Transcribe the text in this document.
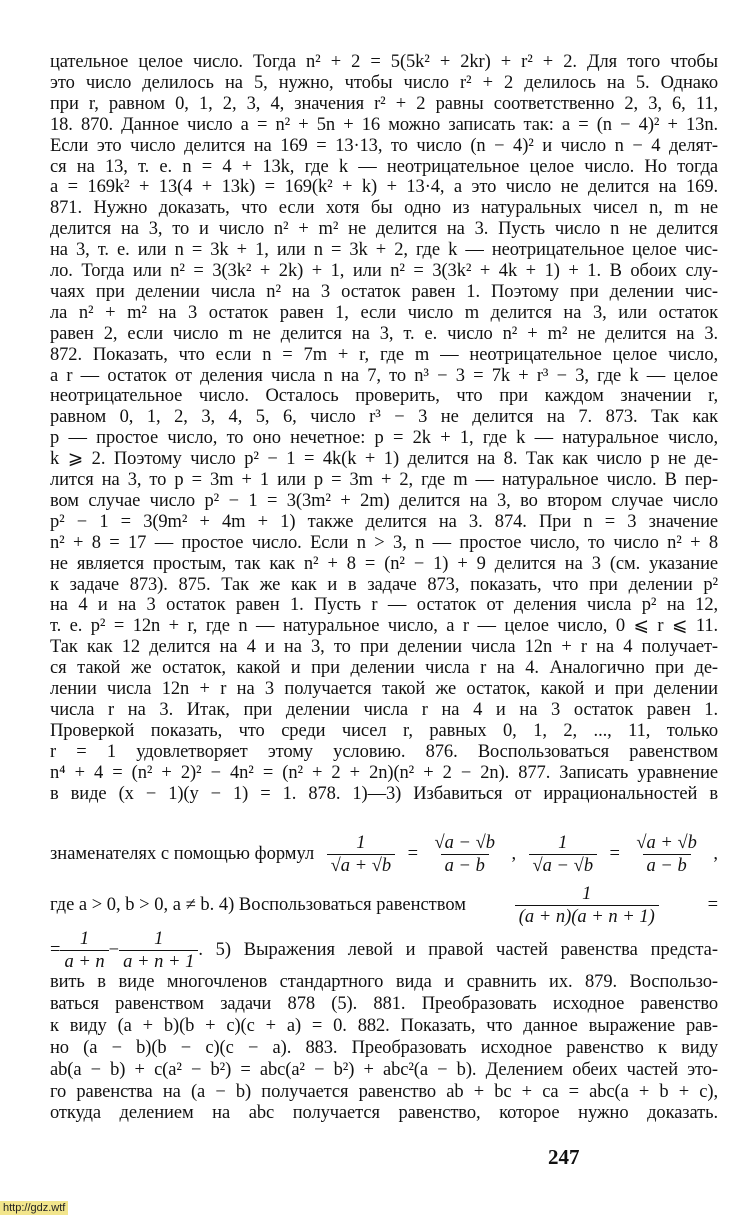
цательное целое число. Тогда n² + 2 = 5(5k² + 2kr) + r² + 2. Для того чтобы
это число делилось на 5, нужно, чтобы число r² + 2 делилось на 5. Однако
при r, равном 0, 1, 2, 3, 4, значения r² + 2 равны соответственно 2, 3, 6, 11,
18. 870. Данное число a = n² + 5n + 16 можно записать так: a = (n − 4)² + 13n.
Если это число делится на 169 = 13·13, то число (n − 4)² и число n − 4 делят-
ся на 13, т. е. n = 4 + 13k, где k — неотрицательное целое число. Но тогда
a = 169k² + 13(4 + 13k) = 169(k² + k) + 13·4, а это число не делится на 169.
871. Нужно доказать, что если хотя бы одно из натуральных чисел n, m не
делится на 3, то и число n² + m² не делится на 3. Пусть число n не делится
на 3, т. е. или n = 3k + 1, или n = 3k + 2, где k — неотрицательное целое чис-
ло. Тогда или n² = 3(3k² + 2k) + 1, или n² = 3(3k² + 4k + 1) + 1. В обоих слу-
чаях при делении числа n² на 3 остаток равен 1. Поэтому при делении чис-
ла n² + m² на 3 остаток равен 1, если число m делится на 3, или остаток
равен 2, если число m не делится на 3, т. е. число n² + m² не делится на 3.
872. Показать, что если n = 7m + r, где m — неотрицательное целое число,
а r — остаток от деления числа n на 7, то n³ − 3 = 7k + r³ − 3, где k — целое
неотрицательное число. Осталось проверить, что при каждом значении r,
равном 0, 1, 2, 3, 4, 5, 6, число r³ − 3 не делится на 7. 873. Так как
p — простое число, то оно нечетное: p = 2k + 1, где k — натуральное число,
k ⩾ 2. Поэтому число p² − 1 = 4k(k + 1) делится на 8. Так как число p не де-
лится на 3, то p = 3m + 1 или p = 3m + 2, где m — натуральное число. В пер-
вом случае число p² − 1 = 3(3m² + 2m) делится на 3, во втором случае число
p² − 1 = 3(9m² + 4m + 1) также делится на 3. 874. При n = 3 значение
n² + 8 = 17 — простое число. Если n > 3, n — простое число, то число n² + 8
не является простым, так как n² + 8 = (n² − 1) + 9 делится на 3 (см. указание
к задаче 873). 875. Так же как и в задаче 873, показать, что при делении p²
на 4 и на 3 остаток равен 1. Пусть r — остаток от деления числа p² на 12,
т. е. p² = 12n + r, где n — натуральное число, а r — целое число, 0 ⩽ r ⩽ 11.
Так как 12 делится на 4 и на 3, то при делении числа 12n + r на 4 получает-
ся такой же остаток, какой и при делении числа r на 4. Аналогично при де-
лении числа 12n + r на 3 получается такой же остаток, какой и при делении
числа r на 3. Итак, при делении числа r на 4 и на 3 остаток равен 1.
Проверкой показать, что среди чисел r, равных 0, 1, 2, ..., 11, только
r = 1 удовлетворяет этому условию. 876. Воспользоваться равенством
n⁴ + 4 = (n² + 2)² − 4n² = (n² + 2 + 2n)(n² + 2 − 2n). 877. Записать уравнение
в виде (x − 1)(y − 1) = 1. 878. 1)—3) Избавиться от иррациональностей в
знаменателях с помощью формул $\frac{1}{√a + √b} = \frac{√a - √b}{a - b}$ , $\frac{1}{√a - √b} = \frac{√a + √b}{a - b}$ ,
где a > 0, b > 0, a ≠ b. 4) Воспользоваться равенством	$\frac{1}{(a + n)(a + n + 1)}$	=
= $\frac{1}{a + n} - \frac{1}{a + n + 1}$ . 5) Выражения левой и правой частей равенства предста-
вить в виде многочленов стандартного вида и сравнить их. 879. Воспользо-
ваться равенством задачи 878 (5). 881. Преобразовать исходное равенство
к виду (a + b)(b + c)(c + a) = 0. 882. Показать, что данное выражение рав-
но (a − b)(b − c)(c − a). 883. Преобразовать исходное равенство к виду
ab(a − b) + c(a² − b²) = abc(a² − b²) + abc²(a − b). Делением обеих частей это-
го равенства на (a − b) получается равенство ab + bc + ca = abc(a + b + c),
откуда делением на abc получается равенство, которое нужно доказать.
247
http://gdz.wtf
